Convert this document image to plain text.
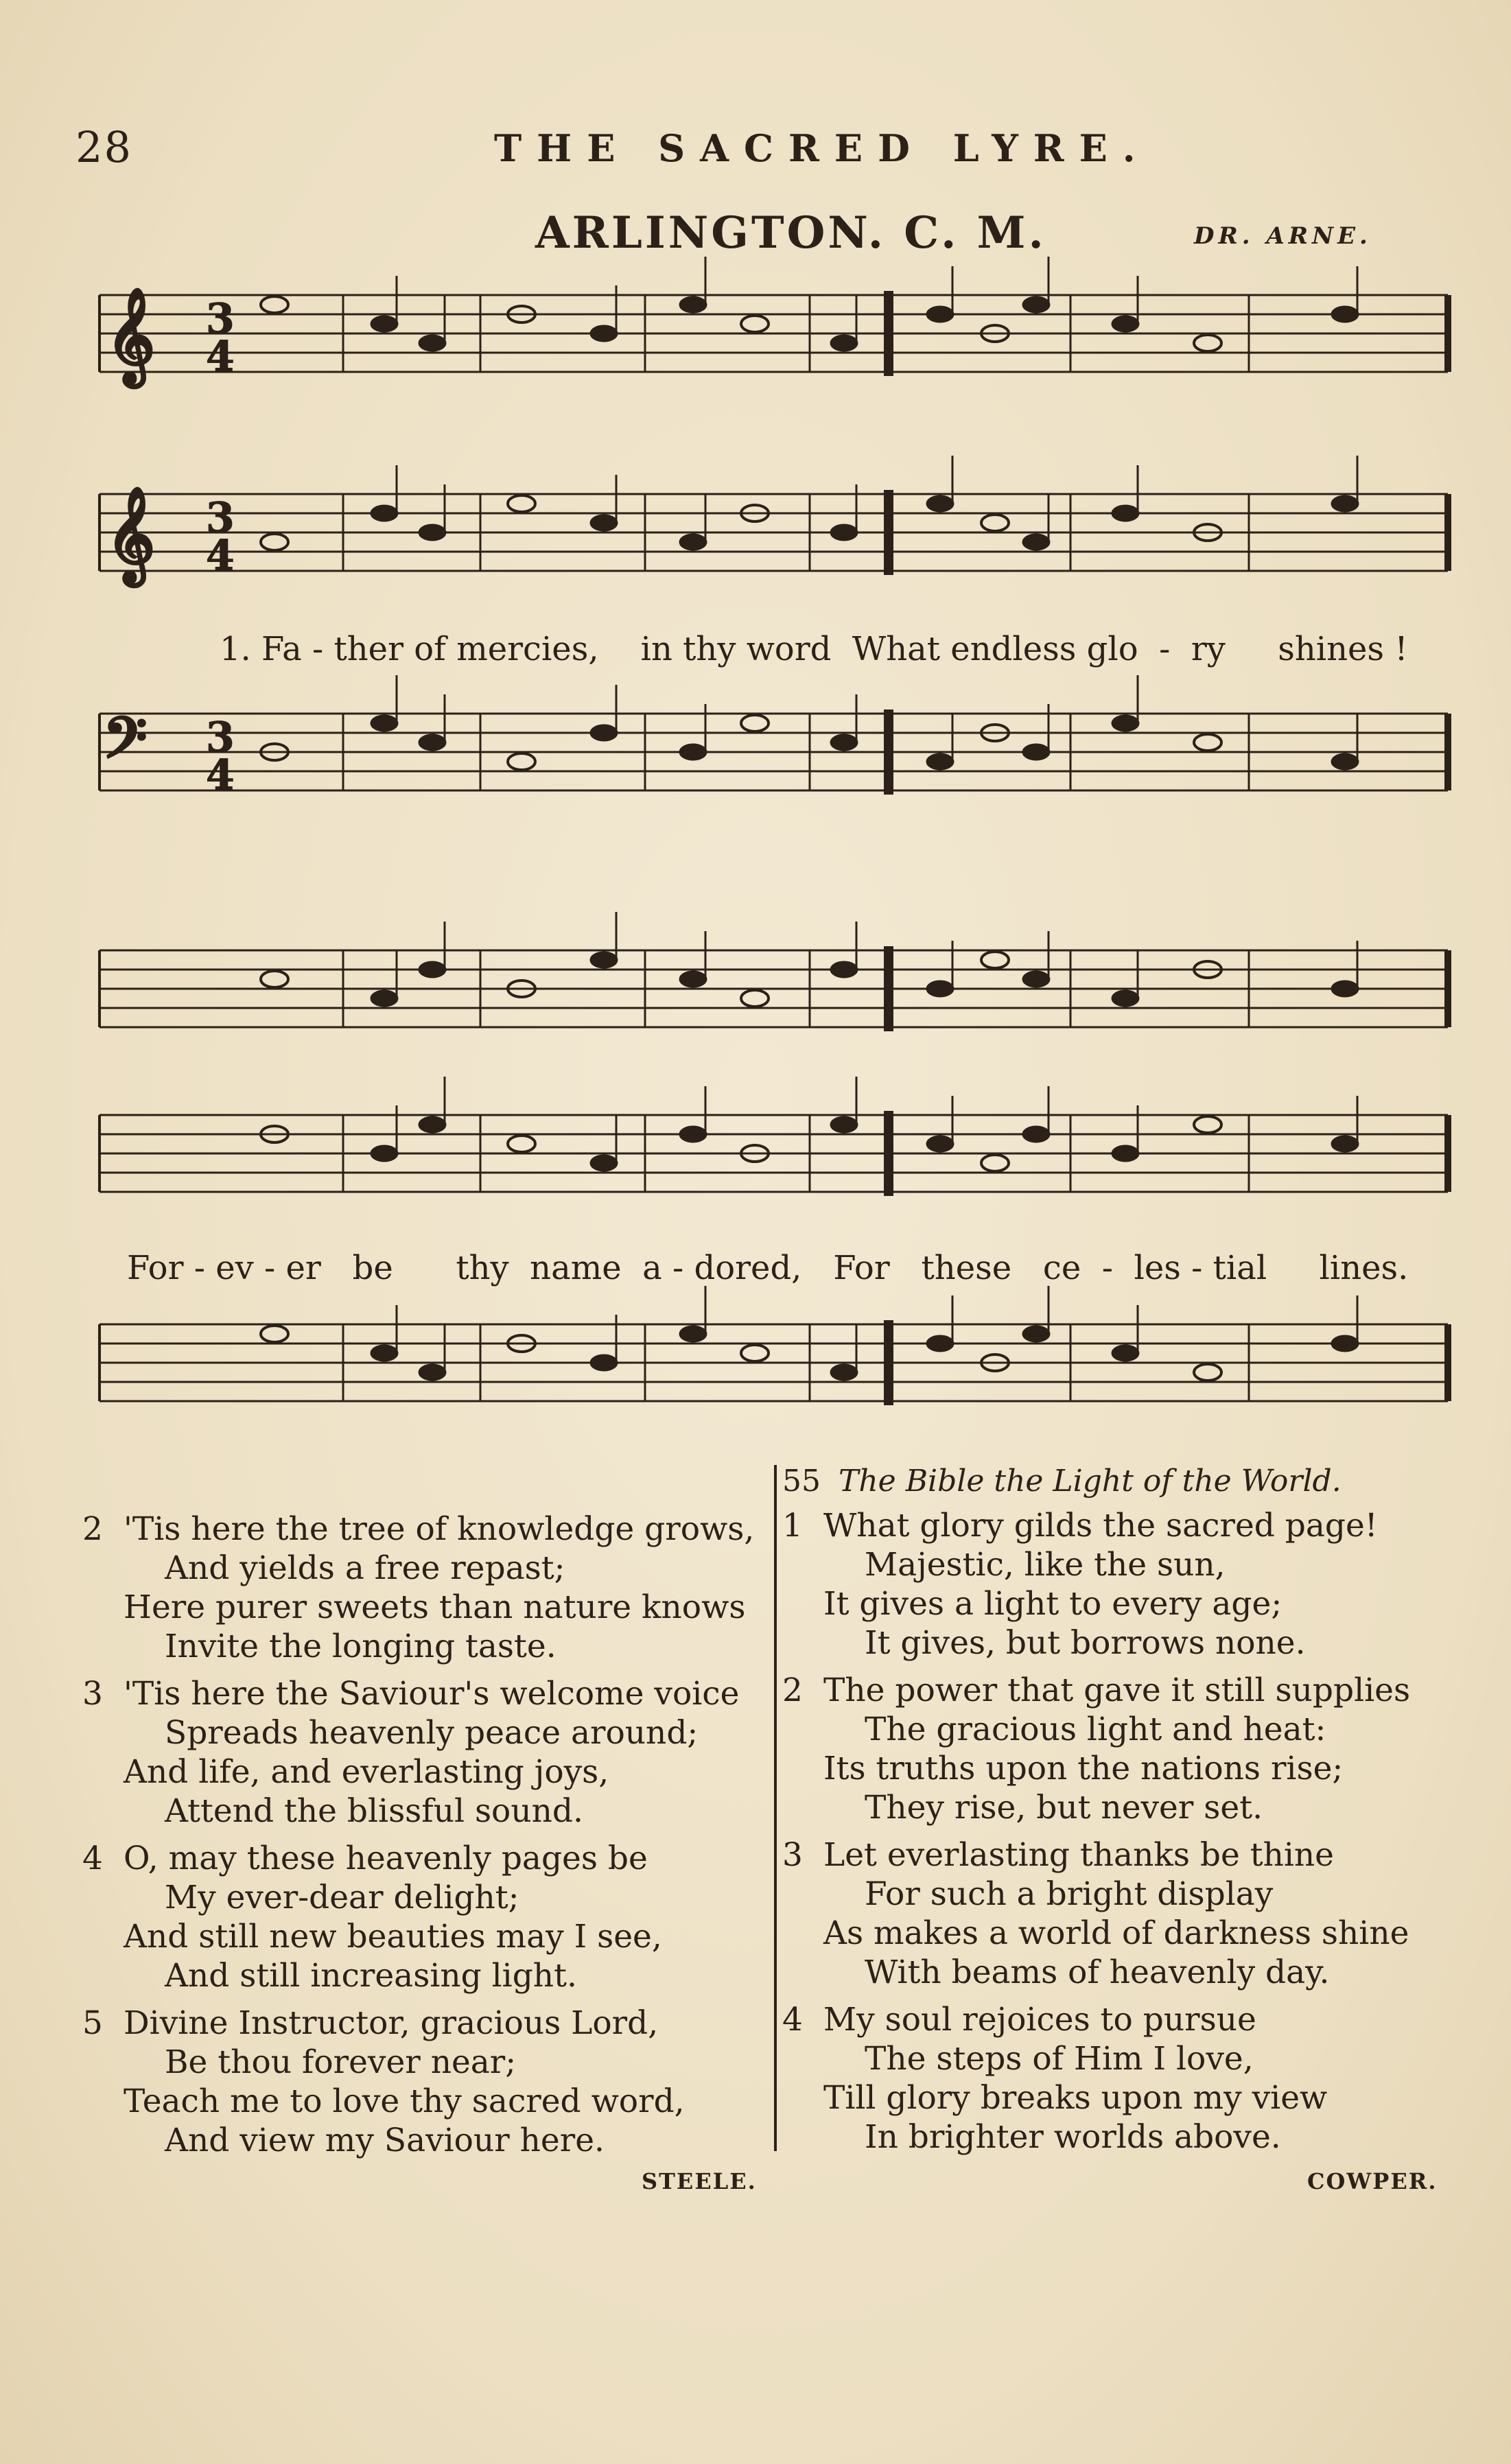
28	THE SACRED LYRE.
ARLINGTON. C. M.	DR. ARNE.
𝄞 3
4
𝄞 3
4
𝄢 3
4
1. Fa - ther of mercies,    in thy word  What endless glo  -  ry     shines !
For - ev - er   be      thy  name  a - dored,   For   these   ce  -  les - tial     lines.
2 'Tis here the tree of knowledge grows,
And yields a free repast;
Here purer sweets than nature knows
Invite the longing taste.
3 'Tis here the Saviour's welcome voice
Spreads heavenly peace around;
And life, and everlasting joys,
Attend the blissful sound.
4 O, may these heavenly pages be
My ever-dear delight;
And still new beauties may I see,
And still increasing light.
5 Divine Instructor, gracious Lord,
Be thou forever near;
Teach me to love thy sacred word,
And view my Saviour here.
STEELE.
55 The Bible the Light of the World.
1 What glory gilds the sacred page!
Majestic, like the sun,
It gives a light to every age;
It gives, but borrows none.
2 The power that gave it still supplies
The gracious light and heat:
Its truths upon the nations rise;
They rise, but never set.
3 Let everlasting thanks be thine
For such a bright display
As makes a world of darkness shine
With beams of heavenly day.
4 My soul rejoices to pursue
The steps of Him I love,
Till glory breaks upon my view
In brighter worlds above.
COWPER.
